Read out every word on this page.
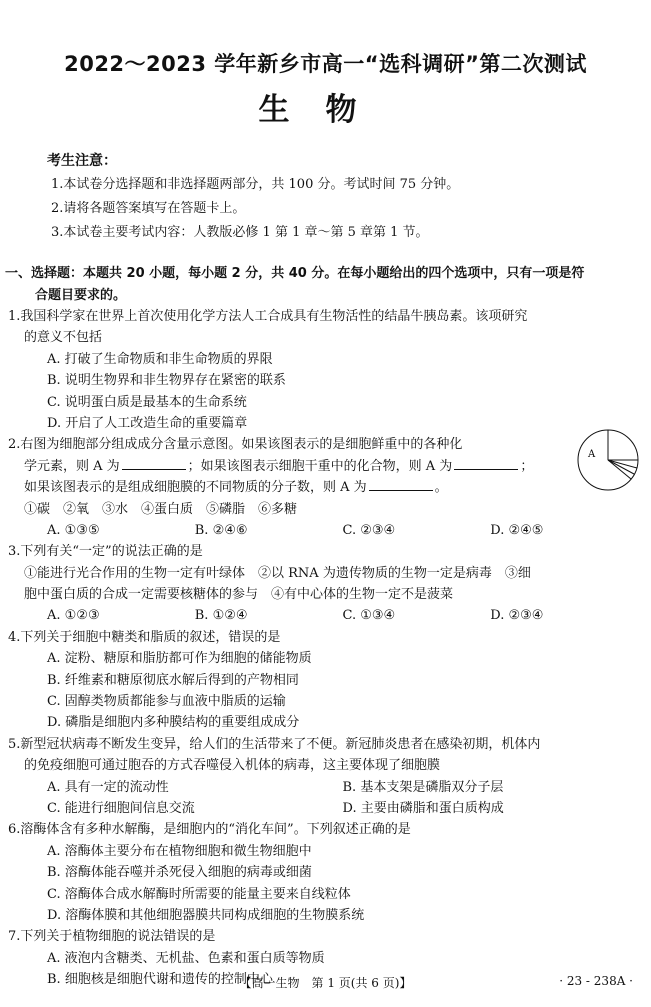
2022～2023 学年新乡市高一“选科调研”第二次测试
生物
考生注意：
1.本试卷分选择题和非选择题两部分，共 100 分。考试时间 75 分钟。
2.请将各题答案填写在答题卡上。
3.本试卷主要考试内容：人教版必修 1 第 1 章～第 5 章第 1 节。
一、选择题：本题共 20 小题，每小题 2 分，共 40 分。在每小题给出的四个选项中，只有一项是符
合题目要求的。
1.我国科学家在世界上首次使用化学方法人工合成具有生物活性的结晶牛胰岛素。该项研究
的意义不包括
A. 打破了生命物质和非生命物质的界限
B. 说明生物界和非生物界存在紧密的联系
C. 说明蛋白质是最基本的生命系统
D. 开启了人工改造生命的重要篇章
2.右图为细胞部分组成成分含量示意图。如果该图表示的是细胞鲜重中的各种化
学元素，则 A 为	；如果该图表示细胞干重中的化合物，则 A 为	；
如果该图表示的是组成细胞膜的不同物质的分子数，则 A 为	。
①碳　②氧　③水　④蛋白质　⑤磷脂　⑥多糖
A. ①③⑤	B. ②④⑥	C. ②③④	D. ②④⑤
3.下列有关“一定”的说法正确的是
①能进行光合作用的生物一定有叶绿体　②以 RNA 为遗传物质的生物一定是病毒　③细
胞中蛋白质的合成一定需要核糖体的参与　④有中心体的生物一定不是菠菜
A. ①②③	B. ①②④	C. ①③④	D. ②③④
4.下列关于细胞中糖类和脂质的叙述，错误的是
A. 淀粉、糖原和脂肪都可作为细胞的储能物质
B. 纤维素和糖原彻底水解后得到的产物相同
C. 固醇类物质都能参与血液中脂质的运输
D. 磷脂是细胞内多种膜结构的重要组成成分
5.新型冠状病毒不断发生变异，给人们的生活带来了不便。新冠肺炎患者在感染初期，机体内
的免疫细胞可通过胞吞的方式吞噬侵入机体的病毒，这主要体现了细胞膜
A. 具有一定的流动性	B. 基本支架是磷脂双分子层
C. 能进行细胞间信息交流	D. 主要由磷脂和蛋白质构成
6.溶酶体含有多种水解酶，是细胞内的“消化车间”。下列叙述正确的是
A. 溶酶体主要分布在植物细胞和微生物细胞中
B. 溶酶体能吞噬并杀死侵入细胞的病毒或细菌
C. 溶酶体合成水解酶时所需要的能量主要来自线粒体
D. 溶酶体膜和其他细胞器膜共同构成细胞的生物膜系统
7.下列关于植物细胞的说法错误的是
A. 液泡内含糖类、无机盐、色素和蛋白质等物质
B. 细胞核是细胞代谢和遗传的控制中心
A
【高一生物　第 1 页(共 6 页)】	· 23 - 238A ·
